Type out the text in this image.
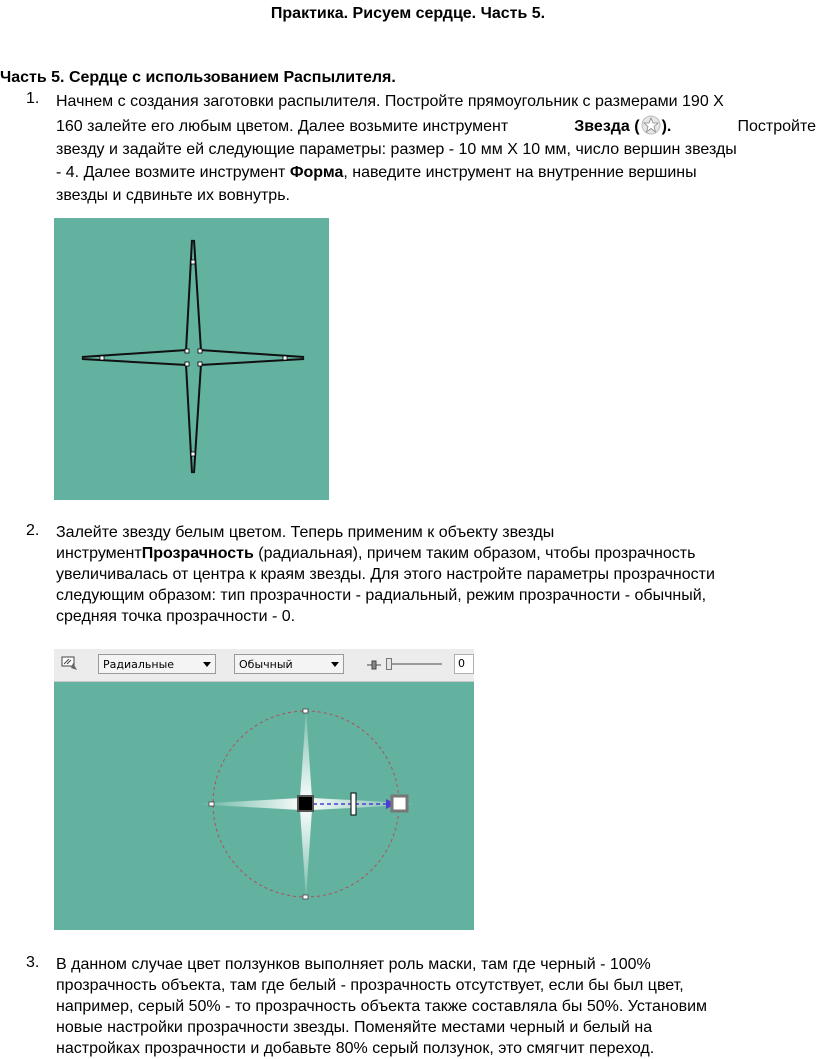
Практика. Рисуем сердце. Часть 5.
Часть 5. Сердце с использованием Распылителя.
1. Начнем с создания заготовки распылителя. Постройте прямоугольник с размерами 190 Х
160 залейте его любым цветом. Далее возьмите инструмент	Звезда ( ).	Постройте
звезду и задайте ей следующие параметры: размер - 10 мм Х 10 мм, число вершин звезды
- 4. Далее возмите инструмент
Форма , наведите инструмент на внутренние вершины
звезды и сдвиньте их вовнутрь.
2. Залейте звезду белым цветом. Теперь применим к объекту звезды
инструментПрозрачность (радиальная), причем таким образом, чтобы прозрачность
увеличивалась от центра к краям звезды. Для этого настройте параметры прозрачности
следующим образом: тип прозрачности - радиальный, режим прозрачности - обычный,
средняя точка прозрачности - 0.
Радиальные	Обычный	0
3. В данном случае цвет ползунков выполняет роль маски, там где черный - 100%
прозрачность объекта, там где белый - прозрачность отсутствует, если бы был цвет,
например, серый 50% - то прозрачность объекта также составляла бы 50%. Установим
новые настройки прозрачности звезды. Поменяйте местами черный и белый на
настройках прозрачности и добавьте 80% серый ползунок, это смягчит переход.
